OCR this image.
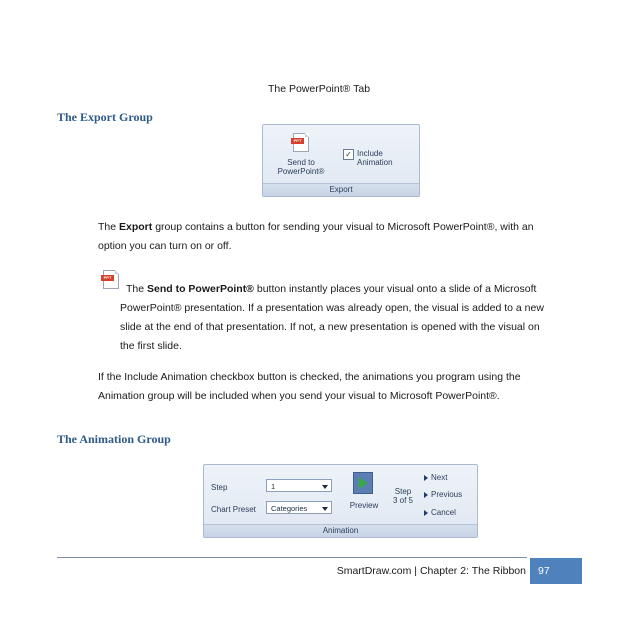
The PowerPoint® Tab
The Export Group
PPT
Send to
PowerPoint®
✓ Include
Animation
Export
The Export group contains a button for sending your visual to Microsoft PowerPoint®, with an
option you can turn on or off.
PPT
The Send to PowerPoint® button instantly places your visual onto a slide of a Microsoft
PowerPoint® presentation. If a presentation was already open, the visual is added to a new
slide at the end of that presentation. If not, a new presentation is opened with the visual on
the first slide.
If the Include Animation checkbox button is checked, the animations you program using the
Animation group will be included when you send your visual to Microsoft PowerPoint®.
The Animation Group
Step	1
Chart Preset	Categories	Preview
Step
3 of 5
Next
Previous
Cancel
Animation
SmartDraw.com | Chapter 2: The Ribbon	97
